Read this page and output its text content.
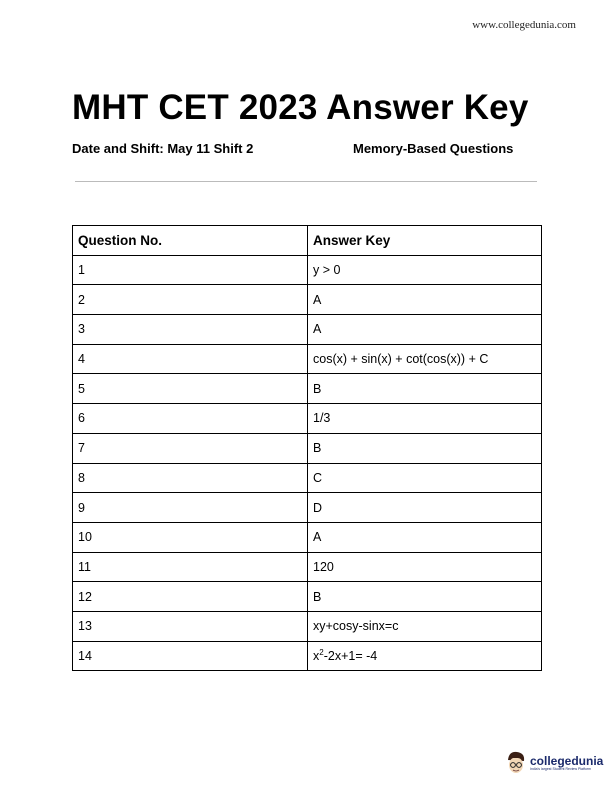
www.collegedunia.com
MHT CET 2023 Answer Key
Date and Shift: May 11 Shift 2	Memory-Based Questions
Question No.	Answer Key
1	y > 0
2	A
3	A
4	cos(x) + sin(x) + cot(cos(x)) + C
5	B
6	1/3
7	B
8	C
9	D
10	A
11	120
12	B
13	xy+cosy-sinx=c
14	$x^2-2x+1= -4$
collegedunia
India's largest Student Review Platform
